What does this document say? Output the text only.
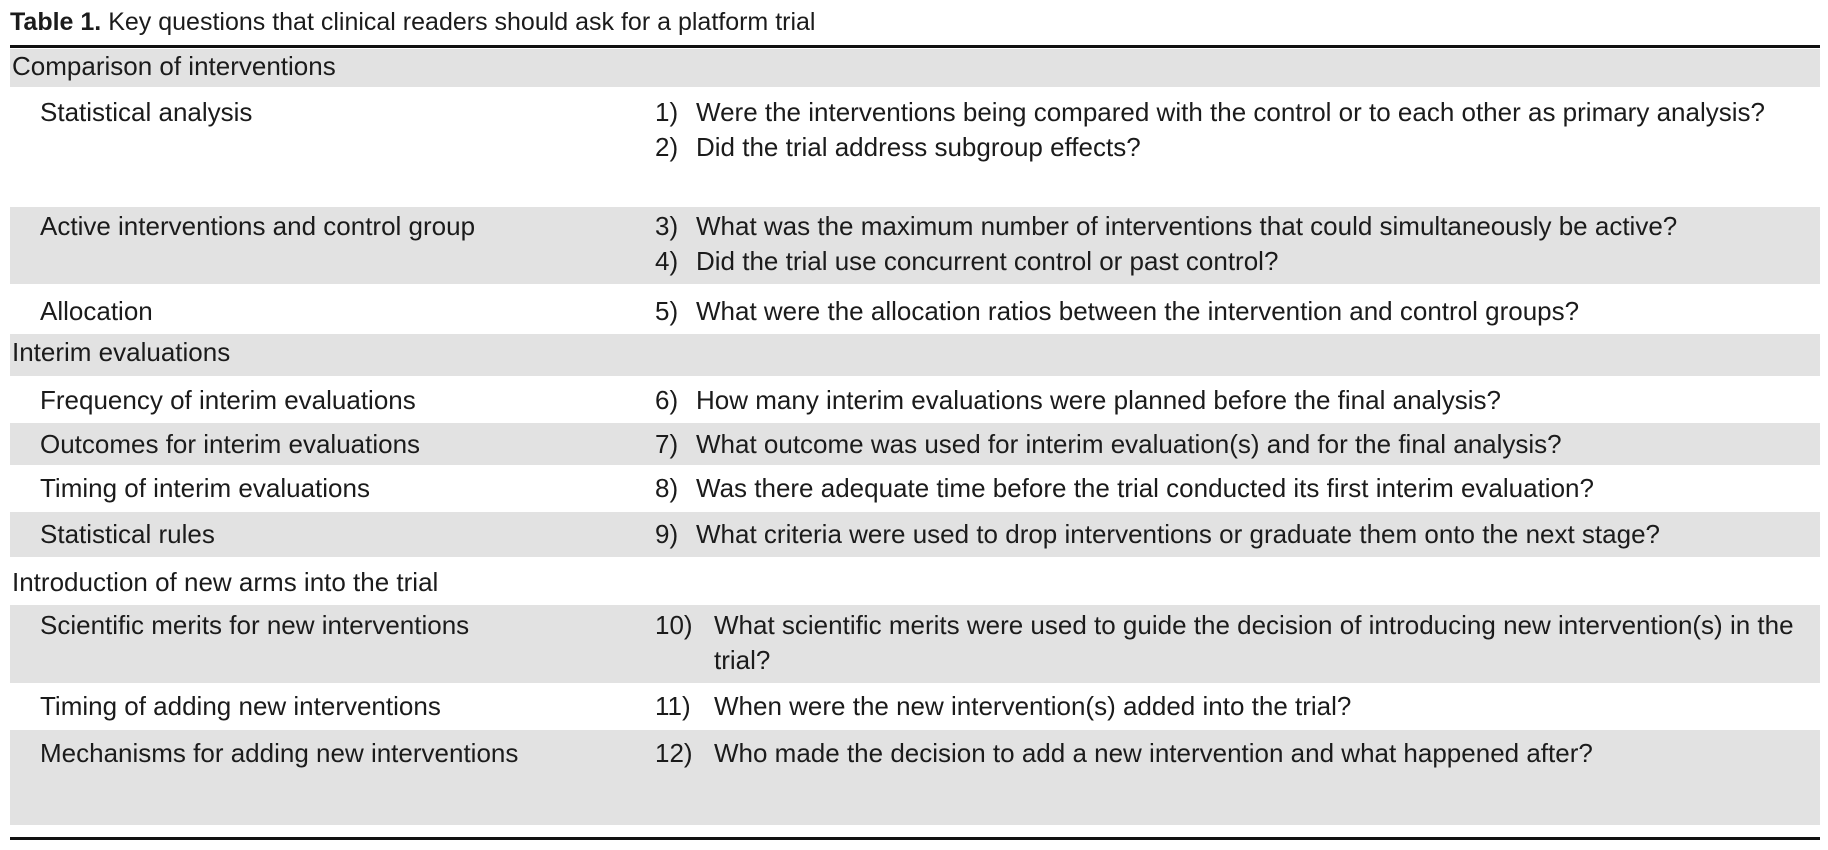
Table 1. Key questions that clinical readers should ask for a platform trial
Comparison of interventions
Statistical analysis	1) Were the interventions being compared with the control or to each other as primary analysis?
2) Did the trial address subgroup effects?
Active interventions and control group	3) What was the maximum number of interventions that could simultaneously be active?
4) Did the trial use concurrent control or past control?
Allocation	5) What were the allocation ratios between the intervention and control groups?
Interim evaluations
Frequency of interim evaluations	6) How many interim evaluations were planned before the final analysis?
Outcomes for interim evaluations	7) What outcome was used for interim evaluation(s) and for the final analysis?
Timing of interim evaluations	8) Was there adequate time before the trial conducted its first interim evaluation?
Statistical rules	9) What criteria were used to drop interventions or graduate them onto the next stage?
Introduction of new arms into the trial
Scientific merits for new interventions	10) What scientific merits were used to guide the decision of introducing new intervention(s) in the trial?
Timing of adding new interventions	11) When were the new intervention(s) added into the trial?
Mechanisms for adding new interventions	12) Who made the decision to add a new intervention and what happened after?
